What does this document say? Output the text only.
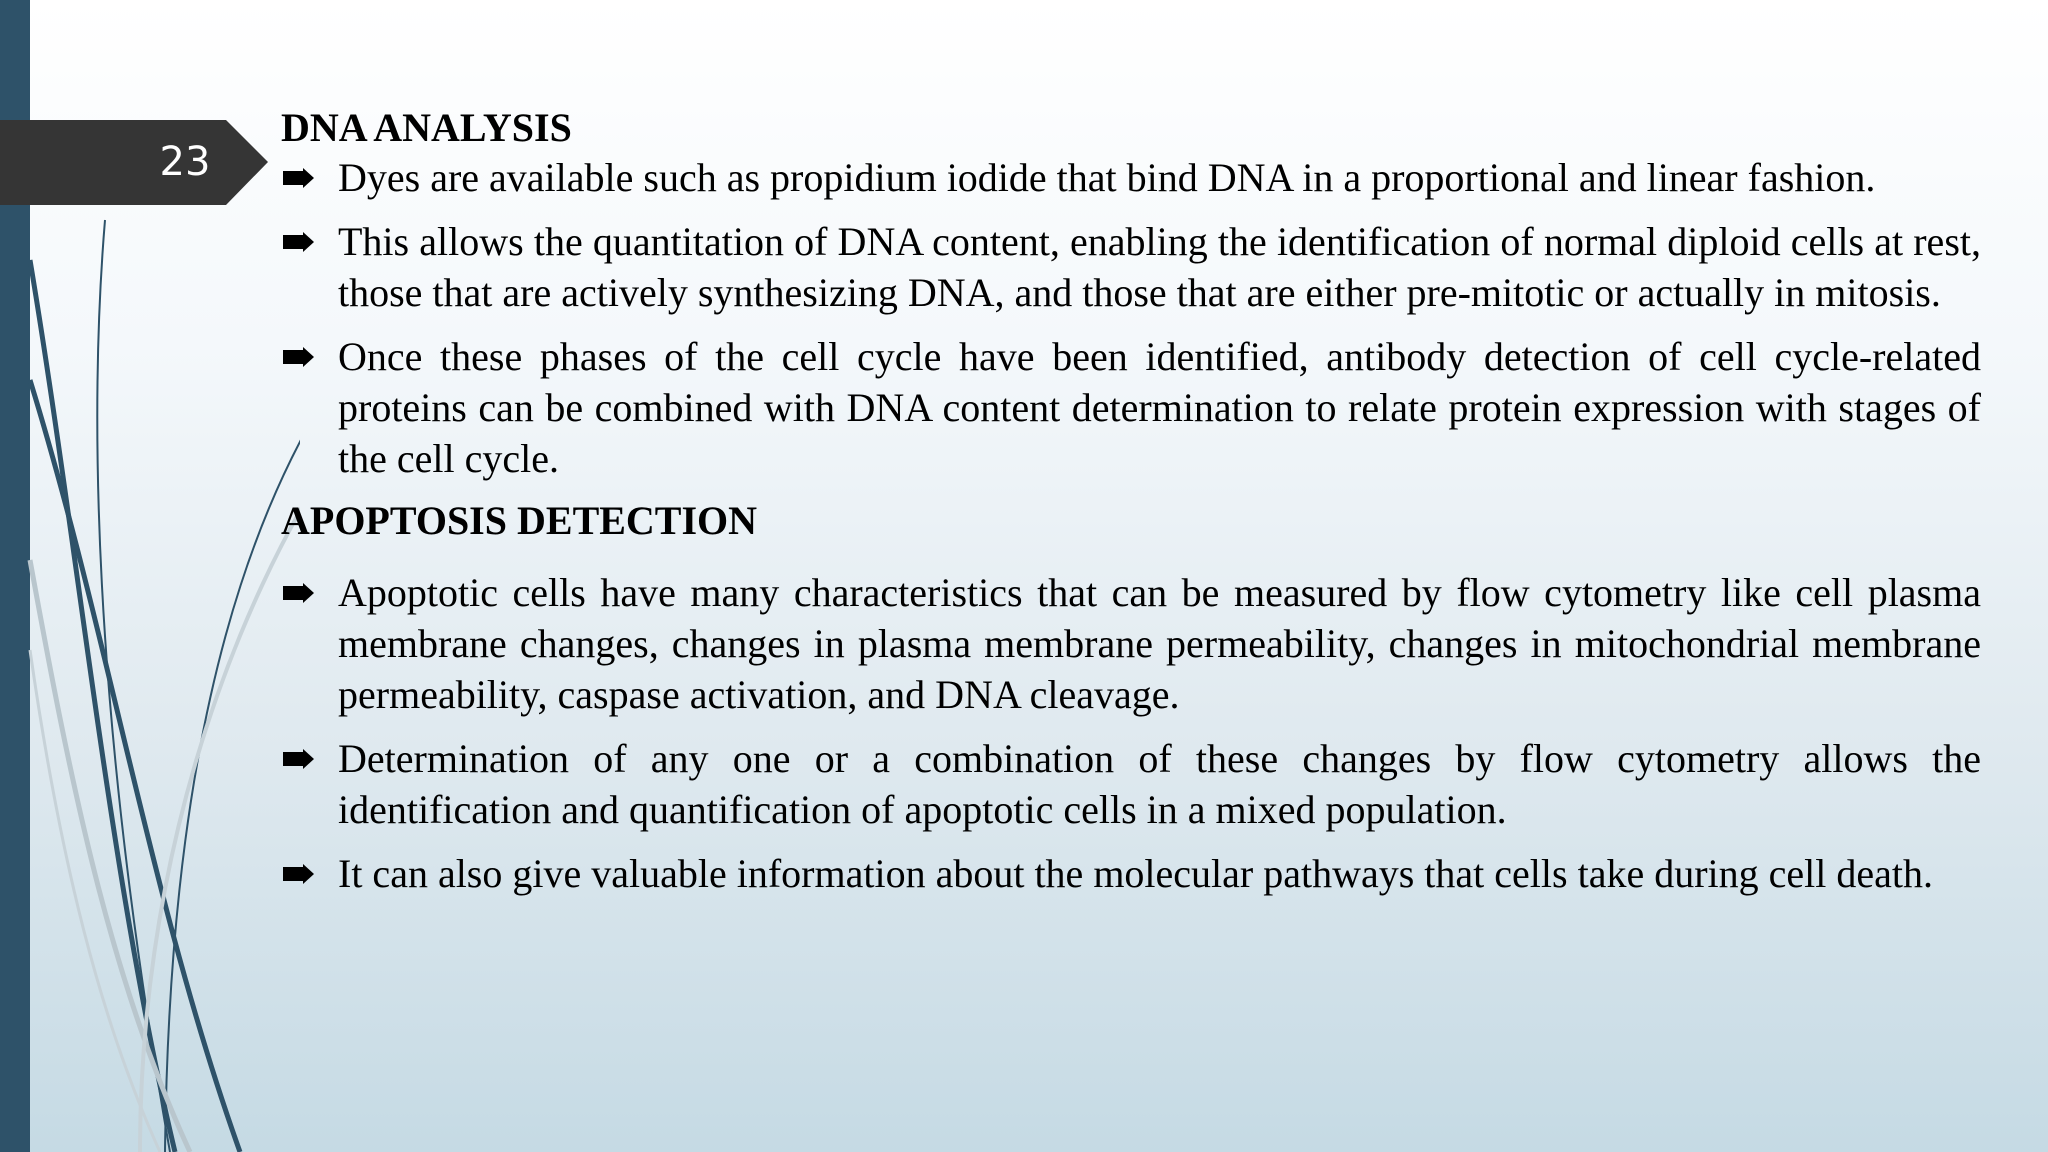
23
DNA ANALYSIS
Dyes are available such as propidium iodide that bind DNA in a proportional and linear fashion.
This allows the quantitation of DNA content, enabling the identification of normal diploid cells at rest, those that are actively synthesizing DNA, and those that are either pre-mitotic or actually in mitosis.
Once these phases of the cell cycle have been identified, antibody detection of cell cycle-related proteins can be combined with DNA content determination to relate protein expression with stages of the cell cycle.
APOPTOSIS DETECTION
Apoptotic cells have many characteristics that can be measured by flow cytometry like cell plasma membrane changes, changes in plasma membrane permeability, changes in mitochondrial membrane permeability, caspase activation, and DNA cleavage.
Determination of any one or a combination of these changes by flow cytometry allows the identification and quantification of apoptotic cells in a mixed population.
It can also give valuable information about the molecular pathways that cells take during cell death.
